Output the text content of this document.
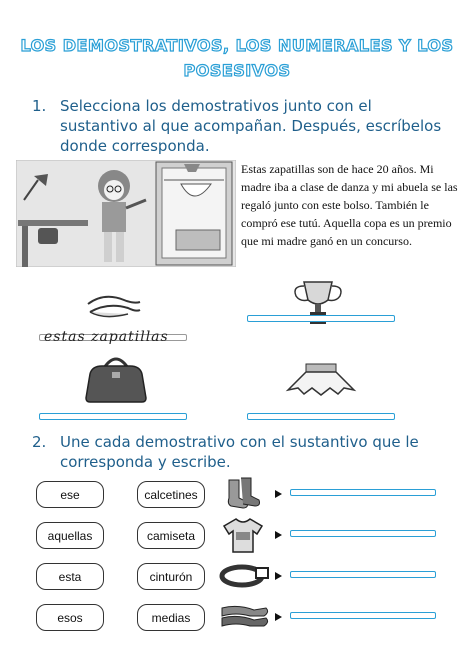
LOS DEMOSTRATIVOS, LOS NUMERALES Y LOS
POSESIVOS
1. Selecciona los demostrativos junto con el sustantivo al que acompañan. Después, escríbelos donde corresponda.
Estas zapatillas son de hace 20 años. Mi madre iba a clase de danza y mi abuela se las regaló junto con este bolso. También le compró ese tutú. Aquella copa es un premio que mi madre ganó en un concurso.
estas zapatillas
2. Une cada demostrativo con el sustantivo que le corresponda y escribe.
ese	calcetines
aquellas	camiseta
esta	cinturón
esos	medias
